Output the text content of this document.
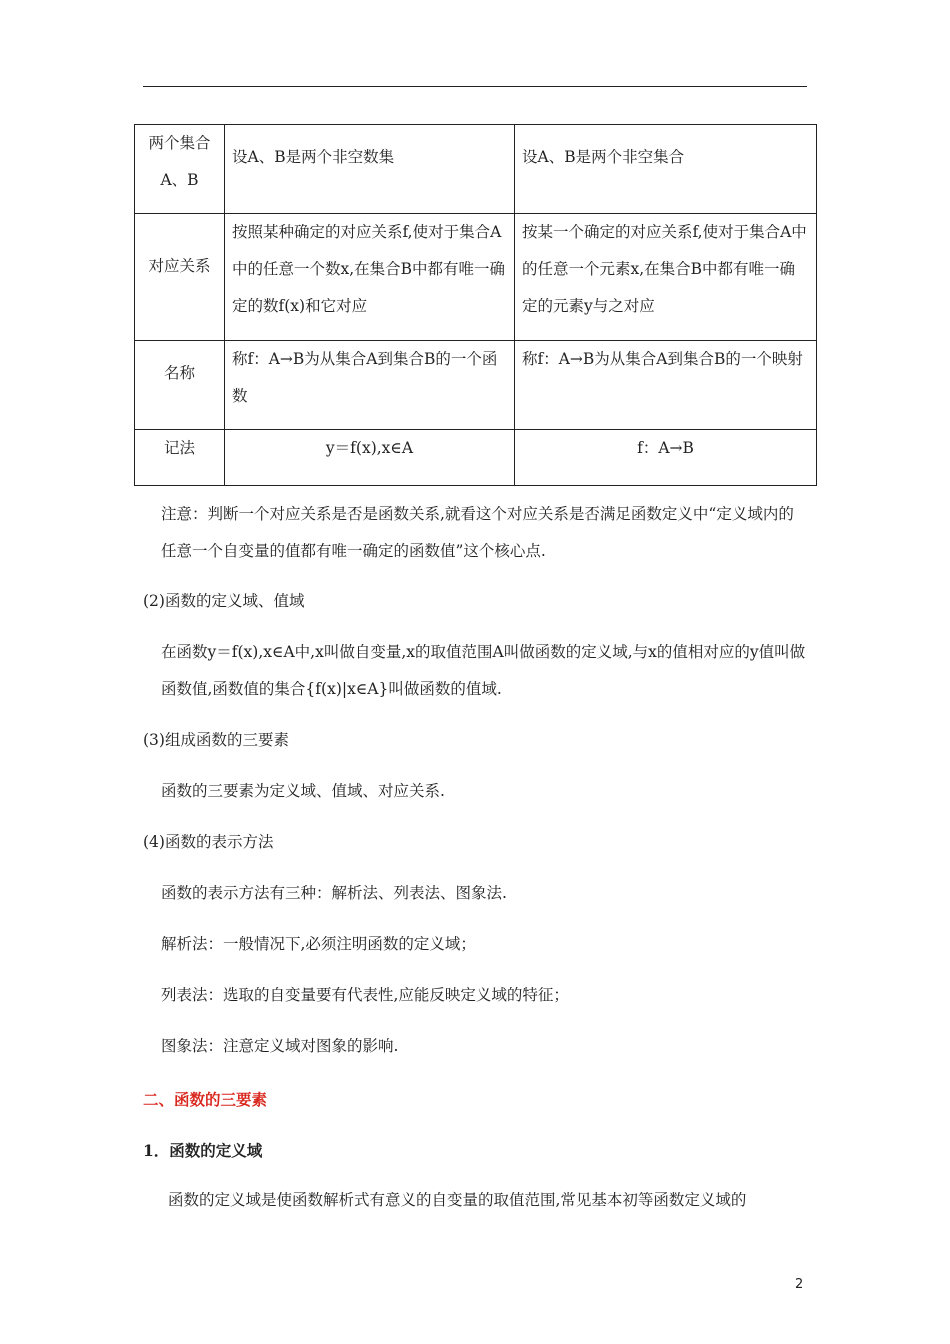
两个集合A、B	设A、B是两个非空数集	设A、B是两个非空集合
对应关系	按照某种确定的对应关系f,使对于集合A中的任意一个数x,在集合B中都有唯一确定的数f(x)和它对应	按某一个确定的对应关系f,使对于集合A中的任意一个元素x,在集合B中都有唯一确定的元素y与之对应
名称	称f：A→B为从集合A到集合B的一个函数	称f：A→B为从集合A到集合B的一个映射
记法	y＝f(x),x∈A	f：A→B
注意：判断一个对应关系是否是函数关系,就看这个对应关系是否满足函数定义中“定义域内的任意一个自变量的值都有唯一确定的函数值”这个核心点.
(2)函数的定义域、值域
在函数y＝f(x),x∈A中,x叫做自变量,x的取值范围A叫做函数的定义域,与x的值相对应的y值叫做函数值,函数值的集合{f(x)|x∈A}叫做函数的值域.
(3)组成函数的三要素
函数的三要素为定义域、值域、对应关系.
(4)函数的表示方法
函数的表示方法有三种：解析法、列表法、图象法.
解析法：一般情况下,必须注明函数的定义域；
列表法：选取的自变量要有代表性,应能反映定义域的特征；
图象法：注意定义域对图象的影响.
二、函数的三要素
1．函数的定义域
函数的定义域是使函数解析式有意义的自变量的取值范围,常见基本初等函数定义域的
2
